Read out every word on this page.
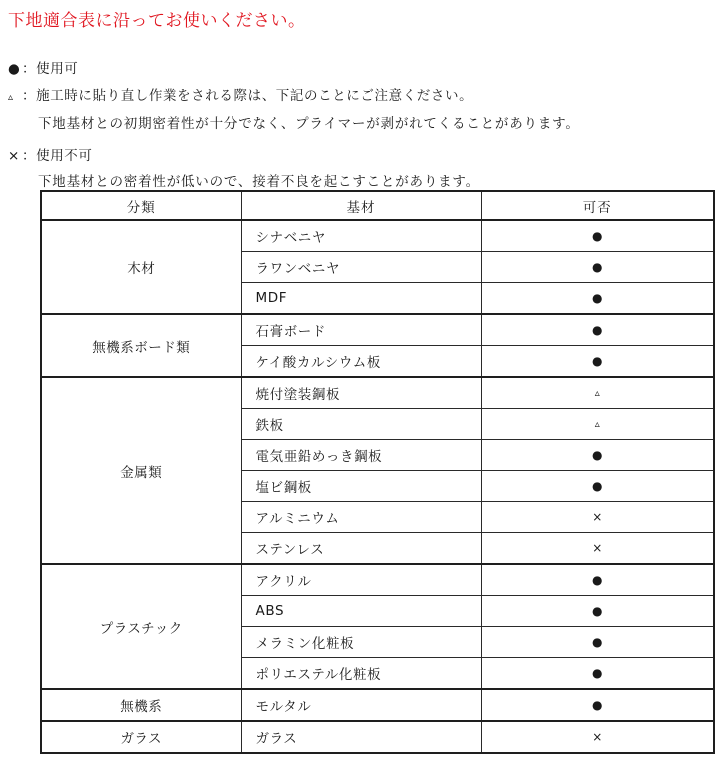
下地適合表に沿ってお使いください。
● ：使用可
▵ ：施工時に貼り直し作業をされる際は、下記のことにご注意ください。
下地基材との初期密着性が十分でなく、プライマーが剥がれてくることがあります。
× ：使用不可
下地基材との密着性が低いので、接着不良を起こすことがあります。
分類	基材	可否
木材	シナベニヤ	●
	ラワンベニヤ	●
	MDF	●
無機系ボード類	石膏ボード	●
	ケイ酸カルシウム板	●
金属類	焼付塗装鋼板	▵
	鉄板	▵
	電気亜鉛めっき鋼板	●
	塩ビ鋼板	●
	アルミニウム	×
	ステンレス	×
プラスチック	アクリル	●
	ABS	●
	メラミン化粧板	●
	ポリエステル化粧板	●
無機系	モルタル	●
ガラス	ガラス	×
